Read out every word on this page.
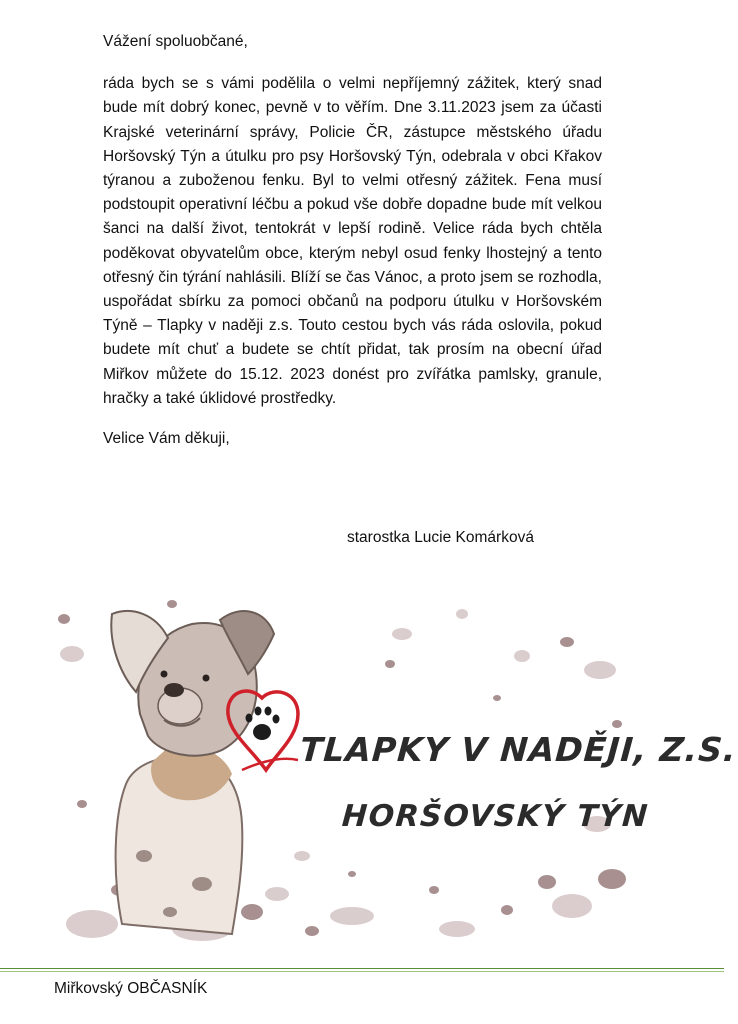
Vážení spoluobčané,

ráda bych se s vámi podělila o velmi nepříjemný zážitek, který snad bude mít dobrý konec, pevně v to věřím. Dne 3.11.2023 jsem za účasti Krajské veterinární správy, Policie ČR, zástupce městského úřadu Horšovský Týn a útulku pro psy Horšovský Týn, odebrala v obci Křakov týranou a zuboženou fenku. Byl to velmi otřesný zážitek. Fena musí podstoupit operativní léčbu a pokud vše dobře dopadne bude mít velkou šanci na další život, tentokrát v lepší rodině. Velice ráda bych chtěla poděkovat obyvatelům obce, kterým nebyl osud fenky lhostejný a tento otřesný čin týrání nahlásili. Blíží se čas Vánoc, a proto jsem se rozhodla, uspořádat sbírku za pomoci občanů na podporu útulku v Horšovském Týně – Tlapky v naději z.s. Touto cestou bych vás ráda oslovila, pokud budete mít chuť a budete se chtít přidat, tak prosím na obecní úřad Miřkov můžete do 15.12. 2023 donést pro zvířátka pamlsky, granule, hračky a také úklidové prostředky.

Velice Vám děkuji,

starostka Lucie Komárková
TLAPKY V NADĚJI, Z.S.
HORŠOVSKÝ TÝN
Miřkovský OBČASNÍK
